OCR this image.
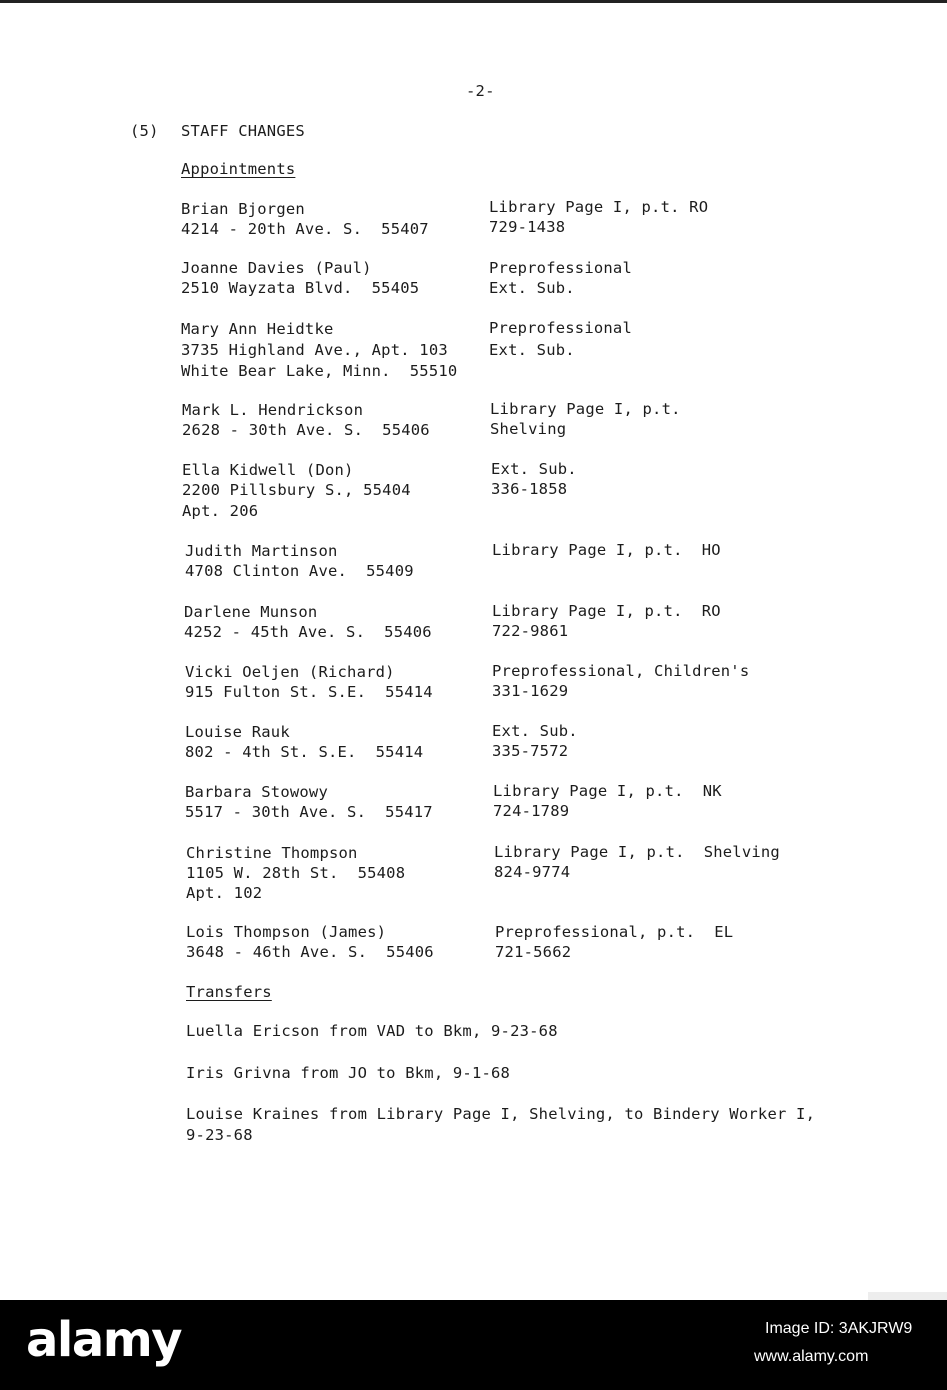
-2-
(5) STAFF CHANGES
Appointments
Brian Bjorgen
4214 - 20th Ave. S.  55407
Library Page I, p.t. RO
729-1438
Joanne Davies (Paul)
2510 Wayzata Blvd.  55405
Preprofessional
Ext. Sub.
Mary Ann Heidtke
3735 Highland Ave., Apt. 103
White Bear Lake, Minn.  55510
Preprofessional
Ext. Sub.
Mark L. Hendrickson
2628 - 30th Ave. S.  55406
Library Page I, p.t.
Shelving
Ella Kidwell (Don)
2200 Pillsbury S., 55404
Apt. 206
Ext. Sub.
336-1858
Judith Martinson
4708 Clinton Ave.  55409
Library Page I, p.t.  HO
Darlene Munson
4252 - 45th Ave. S.  55406
Library Page I, p.t.  RO
722-9861
Vicki Oeljen (Richard)
915 Fulton St. S.E.  55414
Preprofessional, Children's
331-1629
Louise Rauk
802 - 4th St. S.E.  55414
Ext. Sub.
335-7572
Barbara Stowowy
5517 - 30th Ave. S.  55417
Library Page I, p.t.  NK
724-1789
Christine Thompson
1105 W. 28th St.  55408
Apt. 102
Library Page I, p.t.  Shelving
824-9774
Lois Thompson (James)
3648 - 46th Ave. S.  55406
Preprofessional, p.t.  EL
721-5662
Transfers
Luella Ericson from VAD to Bkm, 9-23-68
Iris Grivna from JO to Bkm, 9-1-68
Louise Kraines from Library Page I, Shelving, to Bindery Worker I,
9-23-68
alamy	Image ID: 3AKJRW9
www.alamy.com
